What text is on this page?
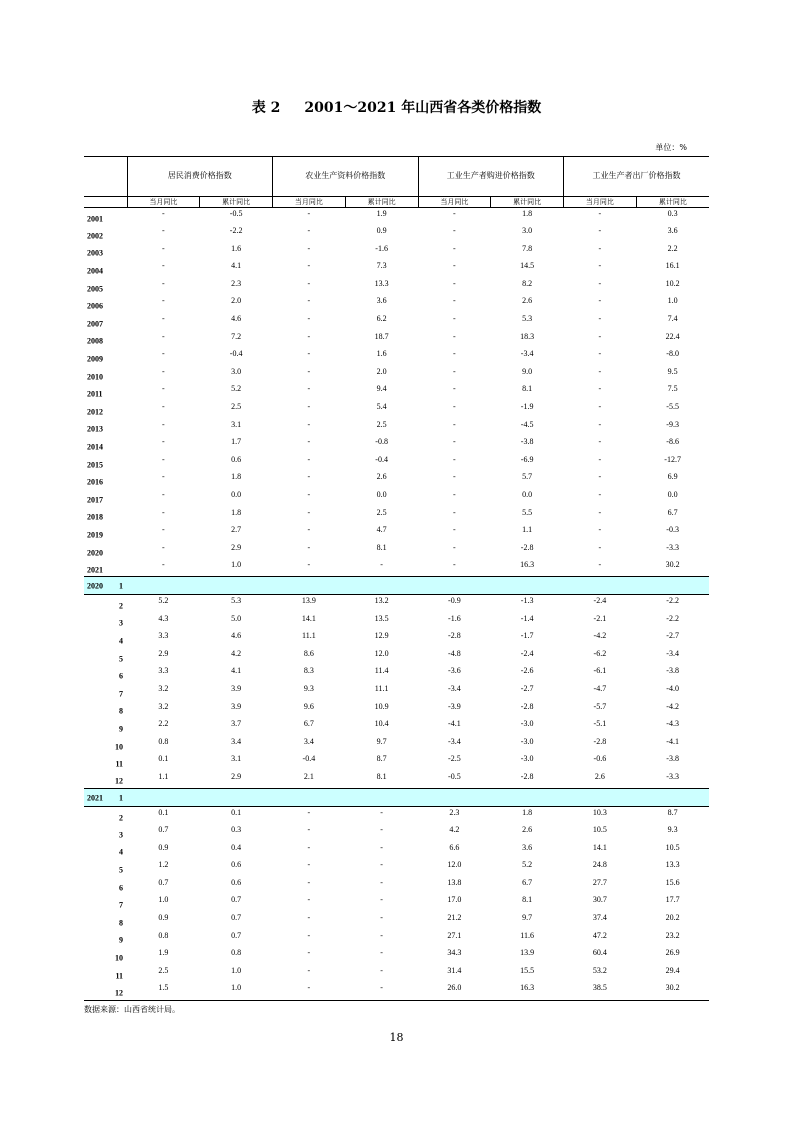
表 2 2001～2021 年山西省各类价格指数
单位：%
	居民消费价格指数		农业生产资料价格指数		工业生产者购进价格指数		工业生产者出厂价格指数	
	当月同比	累计同比	当月同比	累计同比	当月同比	累计同比	当月同比	累计同比

2001	-	-0.5	-	1.9	-	1.8	-	0.3

2002	-	-2.2	-	0.9	-	3.0	-	3.6

2003	-	1.6	-	-1.6	-	7.8	-	2.2

2004	-	4.1	-	7.3	-	14.5	-	16.1

2005	-	2.3	-	13.3	-	8.2	-	10.2

2006	-	2.0	-	3.6	-	2.6	-	1.0

2007	-	4.6	-	6.2	-	5.3	-	7.4

2008	-	7.2	-	18.7	-	18.3	-	22.4

2009	-	-0.4	-	1.6	-	-3.4	-	-8.0

2010	-	3.0	-	2.0	-	9.0	-	9.5

2011	-	5.2	-	9.4	-	8.1	-	7.5

2012	-	2.5	-	5.4	-	-1.9	-	-5.5

2013	-	3.1	-	2.5	-	-4.5	-	-9.3

2014	-	1.7	-	-0.8	-	-3.8	-	-8.6

2015	-	0.6	-	-0.4	-	-6.9	-	-12.7

2016	-	1.8	-	2.6	-	5.7	-	6.9

2017	-	0.0	-	0.0	-	0.0	-	0.0

2018	-	1.8	-	2.5	-	5.5	-	6.7

2019	-	2.7	-	4.7	-	1.1	-	-0.3

2020	-	2.9	-	8.1	-	-2.8	-	-3.3

2021	-	1.0	-	-	-	16.3	-	30.2

2020 1								

2	5.2	5.3	13.9	13.2	-0.9	-1.3	-2.4	-2.2

3	4.3	5.0	14.1	13.5	-1.6	-1.4	-2.1	-2.2

4	3.3	4.6	11.1	12.9	-2.8	-1.7	-4.2	-2.7

5	2.9	4.2	8.6	12.0	-4.8	-2.4	-6.2	-3.4

6	3.3	4.1	8.3	11.4	-3.6	-2.6	-6.1	-3.8

7	3.2	3.9	9.3	11.1	-3.4	-2.7	-4.7	-4.0

8	3.2	3.9	9.6	10.9	-3.9	-2.8	-5.7	-4.2

9	2.2	3.7	6.7	10.4	-4.1	-3.0	-5.1	-4.3

10	0.8	3.4	3.4	9.7	-3.4	-3.0	-2.8	-4.1

11	0.1	3.1	-0.4	8.7	-2.5	-3.0	-0.6	-3.8

12	1.1	2.9	2.1	8.1	-0.5	-2.8	2.6	-3.3

2021 1								

2	0.1	0.1	-	-	2.3	1.8	10.3	8.7

3	0.7	0.3	-	-	4.2	2.6	10.5	9.3

4	0.9	0.4	-	-	6.6	3.6	14.1	10.5

5	1.2	0.6	-	-	12.0	5.2	24.8	13.3

6	0.7	0.6	-	-	13.8	6.7	27.7	15.6

7	1.0	0.7	-	-	17.0	8.1	30.7	17.7

8	0.9	0.7	-	-	21.2	9.7	37.4	20.2

9	0.8	0.7	-	-	27.1	11.6	47.2	23.2

10	1.9	0.8	-	-	34.3	13.9	60.4	26.9

11	2.5	1.0	-	-	31.4	15.5	53.2	29.4

12	1.5	1.0	-	-	26.0	16.3	38.5	30.2
数据来源：山西省统计局。
18
